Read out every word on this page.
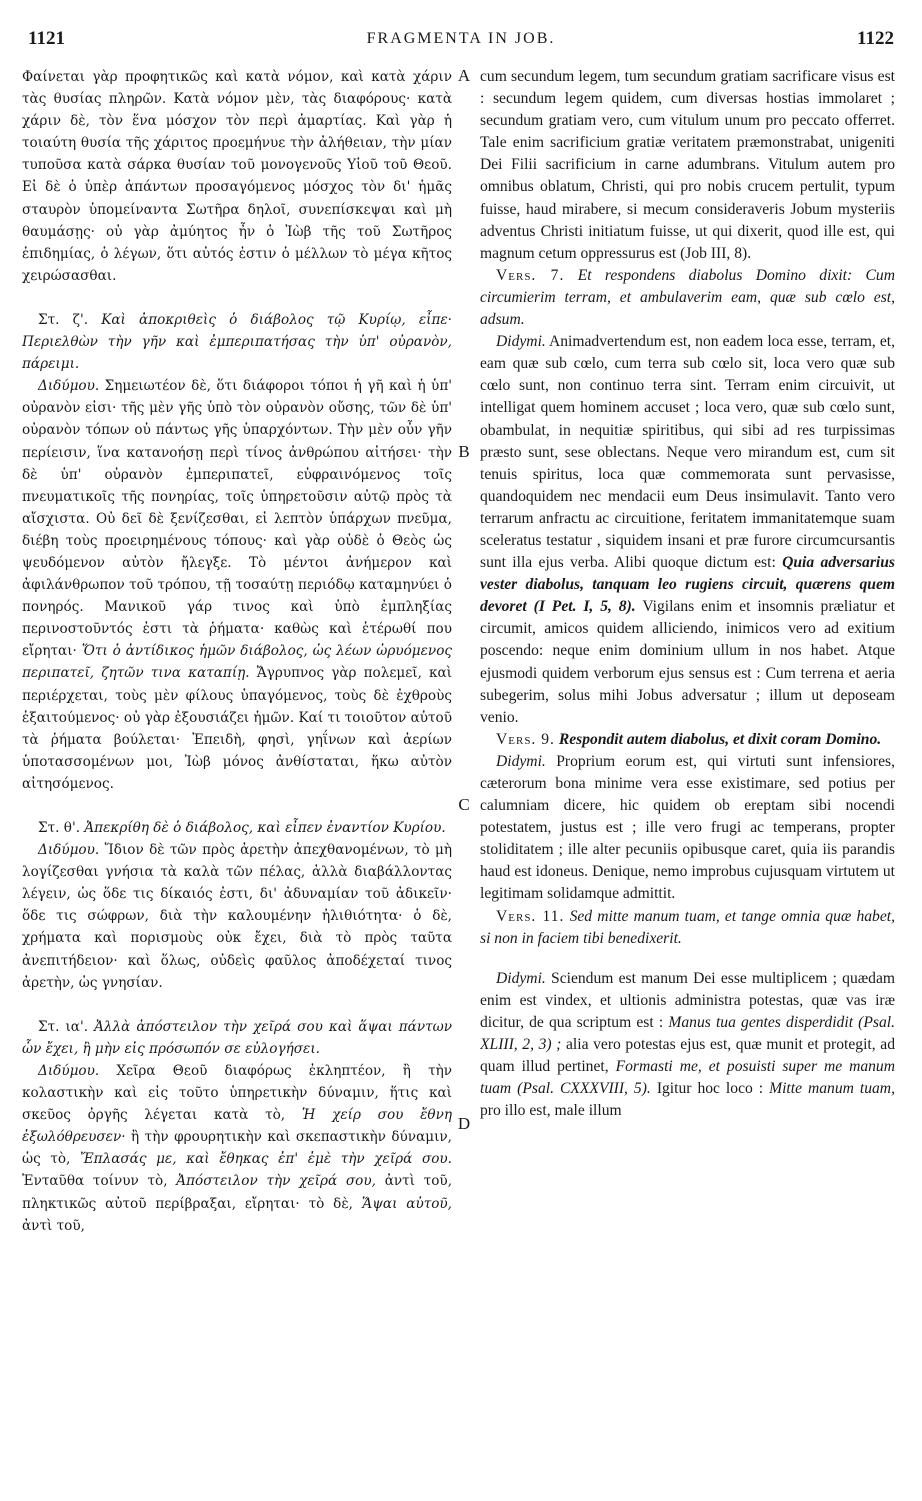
1121	FRAGMENTA IN JOB.	1122
A
B
C
D

Φαίνεται γὰρ προφητικῶς καὶ κατὰ νόμον, καὶ κατὰ χάριν τὰς θυσίας πληρῶν. Κατὰ νόμον μὲν, τὰς διαφόρους· κατὰ χάριν δὲ, τὸν ἕνα μόσχον τὸν περὶ ἁμαρτίας. Καὶ γὰρ ἡ τοιαύτη θυσία τῆς χάριτος προεμήνυε τὴν ἀλήθειαν, τὴν μίαν τυποῦσα κατὰ σάρκα θυσίαν τοῦ μονογενοῦς Υἱοῦ τοῦ Θεοῦ. Εἰ δὲ ὁ ὑπὲρ ἁπάντων προσαγόμενος μόσχος τὸν δι' ἡμᾶς σταυρὸν ὑπομείναντα Σωτῆρα δηλοῖ, συνεπίσκεψαι καὶ μὴ θαυμάσῃς· οὐ γὰρ ἀμύητος ἦν ὁ Ἰὼβ τῆς τοῦ Σωτῆρος ἐπιδημίας, ὁ λέγων, ὅτι αὐτός ἐστιν ὁ μέλλων τὸ μέγα κῆτος χειρώσασθαι.

Στ. ζ'. Καὶ ἀποκριθεὶς ὁ διάβολος τῷ Κυρίῳ, εἶπε· Περιελθὼν τὴν γῆν καὶ ἐμπεριπατήσας τὴν ὑπ' οὐρανὸν, πάρειμι.

Διδύμου. Σημειωτέον δὲ, ὅτι διάφοροι τόποι ἡ γῆ καὶ ἡ ὑπ' οὐρανὸν εἰσι· τῆς μὲν γῆς ὑπὸ τὸν οὐρανὸν οὔσης, τῶν δὲ ὑπ' οὐρανὸν τόπων οὐ πάντως γῆς ὑπαρχόντων. Τὴν μὲν οὖν γῆν περίεισιν, ἵνα κατανοήσῃ περὶ τίνος ἀνθρώπου αἰτήσει· τὴν δὲ ὑπ' οὐρανὸν ἐμπεριπατεῖ, εὐφραινόμενος τοῖς πνευματικοῖς τῆς πονηρίας, τοῖς ὑπηρετοῦσιν αὐτῷ πρὸς τὰ αἴσχιστα. Οὐ δεῖ δὲ ξενίζεσθαι, εἰ λεπτὸν ὑπάρχων πνεῦμα, διέβη τοὺς προειρημένους τόπους· καὶ γὰρ οὐδὲ ὁ Θεὸς ὡς ψευδόμενον αὐτὸν ἤλεγξε. Τὸ μέντοι ἀνήμερον καὶ ἀφιλάνθρωπον τοῦ τρόπου, τῇ τοσαύτῃ περιόδῳ καταμηνύει ὁ πονηρός. Μανικοῦ γάρ τινος καὶ ὑπὸ ἐμπληξίας περινοστοῦντός ἐστι τὰ ῥήματα· καθὼς καὶ ἑτέρωθί που εἴρηται· Ὅτι ὁ ἀντίδικος ἡμῶν διάβολος, ὡς λέων ὠρυόμενος περιπατεῖ, ζητῶν τινα καταπίῃ. Ἄγρυπνος γὰρ πολεμεῖ, καὶ περιέρχεται, τοὺς μὲν φίλους ὑπαγόμενος, τοὺς δὲ ἐχθροὺς ἐξαιτούμενος· οὐ γὰρ ἐξουσιάζει ἡμῶν. Καί τι τοιοῦτον αὐτοῦ τὰ ῥήματα βούλεται· Ἐπειδὴ, φησὶ, γηΐνων καὶ ἀερίων ὑποτασσομένων μοι, Ἰὼβ μόνος ἀνθίσταται, ἥκω αὐτὸν αἰτησόμενος.

Στ. θ'. Ἀπεκρίθη δὲ ὁ διάβολος, καὶ εἶπεν ἐναντίον Κυρίου.

Διδύμου. Ἴδιον δὲ τῶν πρὸς ἀρετὴν ἀπεχθανομένων, τὸ μὴ λογίζεσθαι γνήσια τὰ καλὰ τῶν πέλας, ἀλλὰ διαβάλλοντας λέγειν, ὡς ὅδε τις δίκαιός ἐστι, δι' ἀδυναμίαν τοῦ ἀδικεῖν· ὅδε τις σώφρων, διὰ τὴν καλουμένην ἠλιθιότητα· ὁ δὲ, χρήματα καὶ πορισμοὺς οὐκ ἔχει, διὰ τὸ πρὸς ταῦτα ἀνεπιτήδειον· καὶ ὅλως, οὐδεὶς φαῦλος ἀποδέχεταί τινος ἀρετὴν, ὡς γνησίαν.

Στ. ια'. Ἀλλὰ ἀπόστειλον τὴν χεῖρά σου καὶ ἅψαι πάντων ὧν ἔχει, ἢ μὴν εἰς πρόσωπόν σε εὐλογήσει.

Διδύμου. Χεῖρα Θεοῦ διαφόρως ἐκληπτέον, ἢ τὴν κολαστικὴν καὶ εἰς τοῦτο ὑπηρετικὴν δύναμιν, ἥτις καὶ σκεῦος ὀργῆς λέγεται κατὰ τὸ, Ἡ χείρ σου ἔθνη ἐξωλόθρευσεν· ἢ τὴν φρουρητικὴν καὶ σκεπαστικὴν δύναμιν, ὡς τὸ, Ἔπλασάς με, καὶ ἔθηκας ἐπ' ἐμὲ τὴν χεῖρά σου. Ἐνταῦθα τοίνυν τὸ, Ἀπόστειλον τὴν χεῖρά σου, ἀντὶ τοῦ, πληκτικῶς αὐτοῦ περίβραξαι, εἴρηται· τὸ δὲ, Ἅψαι αὐτοῦ, ἀντὶ τοῦ,

cum secundum legem, tum secundum gratiam sacrificare visus est : secundum legem quidem, cum diversas hostias immolaret ; secundum gratiam vero, cum vitulum unum pro peccato offerret. Tale enim sacrificium gratiæ veritatem præmonstrabat, unigeniti Dei Filii sacrificium in carne adumbrans. Vitulum autem pro omnibus oblatum, Christi, qui pro nobis crucem pertulit, typum fuisse, haud mirabere, si mecum consideraveris Jobum mysteriis adventus Christi initiatum fuisse, ut qui dixerit, quod ille est, qui magnum cetum oppressurus est (Job III, 8).

Vers. 7. Et respondens diabolus Domino dixit: Cum circumierim terram, et ambulaverim eam, quæ sub cœlo est, adsum.

Didymi. Animadvertendum est, non eadem loca esse, terram, et, eam quæ sub cœlo, cum terra sub cœlo sit, loca vero quæ sub cœlo sunt, non continuo terra sint. Terram enim circuivit, ut intelligat quem hominem accuset ; loca vero, quæ sub cœlo sunt, obambulat, in nequitiæ spiritibus, qui sibi ad res turpissimas præsto sunt, sese oblectans. Neque vero mirandum est, cum sit tenuis spiritus, loca quæ commemorata sunt pervasisse, quandoquidem nec mendacii eum Deus insimulavit. Tanto vero terrarum anfractu ac circuitione, feritatem immanitatemque suam sceleratus testatur , siquidem insani et præ furore circumcursantis sunt illa ejus verba. Alibi quoque dictum est: Quia adversarius vester diabolus, tanquam leo rugiens circuit, quærens quem devoret (I Pet. I, 5, 8). Vigilans enim et insomnis præliatur et circumit, amicos quidem alliciendo, inimicos vero ad exitium poscendo: neque enim dominium ullum in nos habet. Atque ejusmodi quidem verborum ejus sensus est : Cum terrena et aeria subegerim, solus mihi Jobus adversatur ; illum ut deposeam venio.

Vers. 9. Respondit autem diabolus, et dixit coram Domino.

Didymi. Proprium eorum est, qui virtuti sunt infensiores, cæterorum bona minime vera esse existimare, sed potius per calumniam dicere, hic quidem ob ereptam sibi nocendi potestatem, justus est ; ille vero frugi ac temperans, propter stoliditatem ; ille alter pecuniis opibusque caret, quia iis parandis haud est idoneus. Denique, nemo improbus cujusquam virtutem ut legitimam solidamque admittit.

Vers. 11. Sed mitte manum tuam, et tange omnia quæ habet, si non in faciem tibi benedixerit.

Didymi. Sciendum est manum Dei esse multiplicem ; quædam enim est vindex, et ultionis administra potestas, quæ vas iræ dicitur, de qua scriptum est : Manus tua gentes disperdidit (Psal. XLIII, 2, 3) ; alia vero potestas ejus est, quæ munit et protegit, ad quam illud pertinet, Formasti me, et posuisti super me manum tuam (Psal. CXXXVIII, 5). Igitur hoc loco : Mitte manum tuam, pro illo est, male illum
